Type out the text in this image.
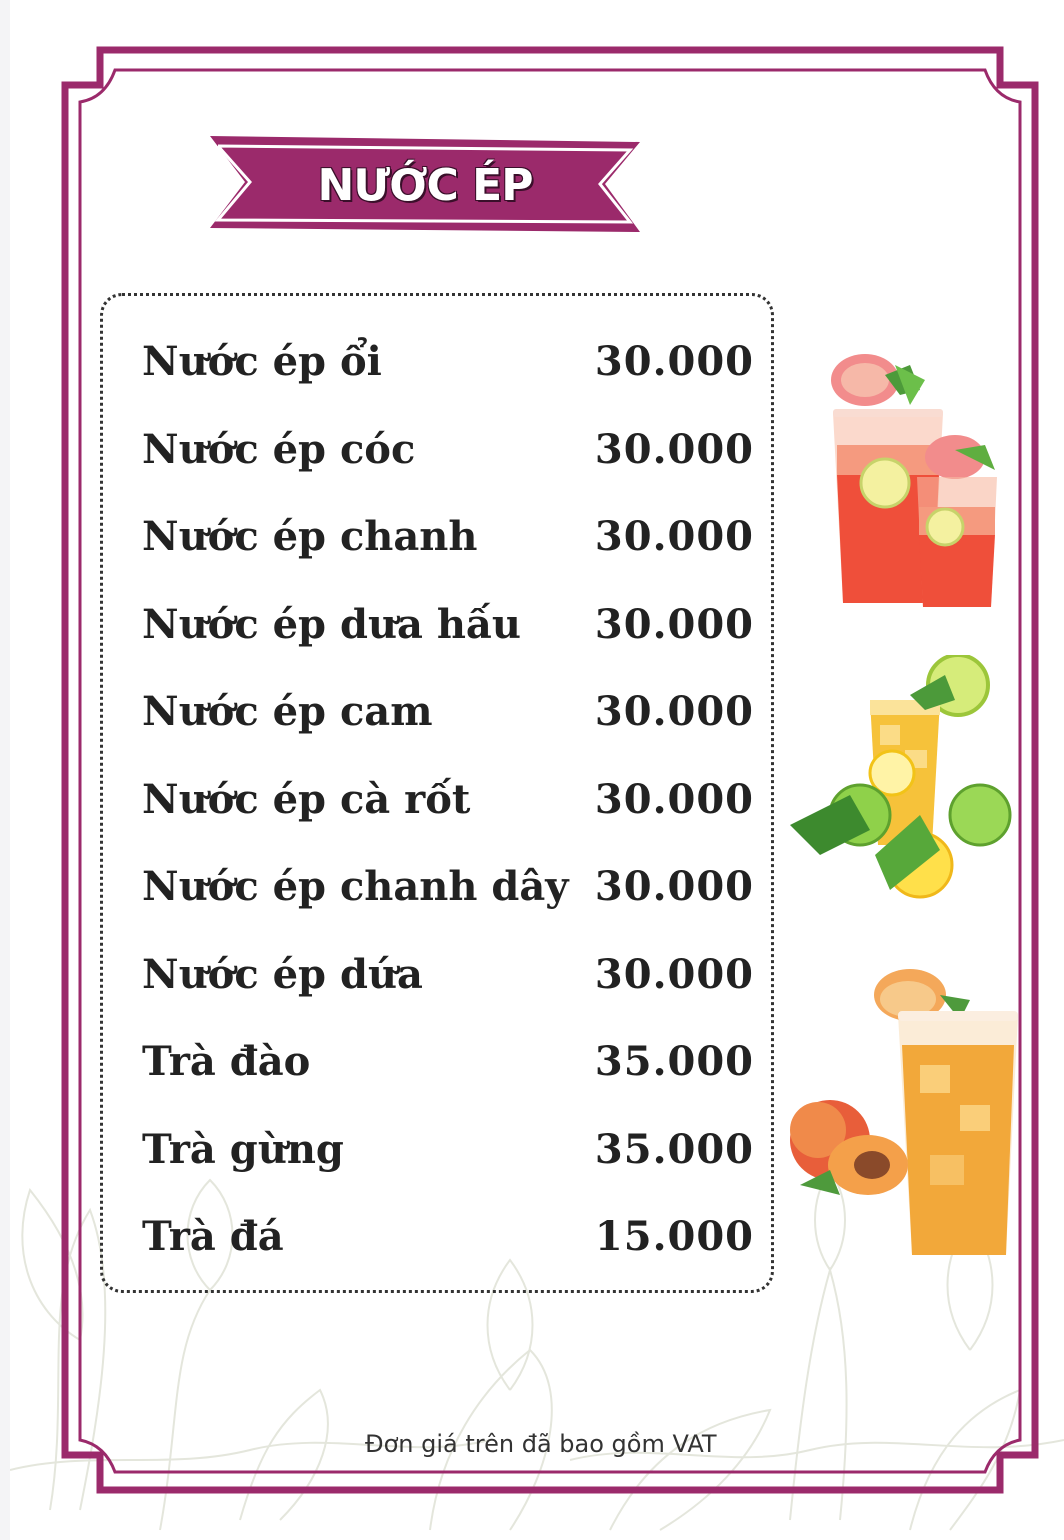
NƯỚC ÉP
Nước ép ổi	30.000
Nước ép cóc	30.000
Nước ép chanh	30.000
Nước ép dưa hấu 30.000
Nước ép cam	30.000
Nước ép cà rốt	30.000
Nước ép chanh dây 30.000
Nước ép dứa	30.000
Trà đào	35.000
Trà gừng	35.000
Trà đá	15.000
Đơn giá trên đã bao gồm VAT
